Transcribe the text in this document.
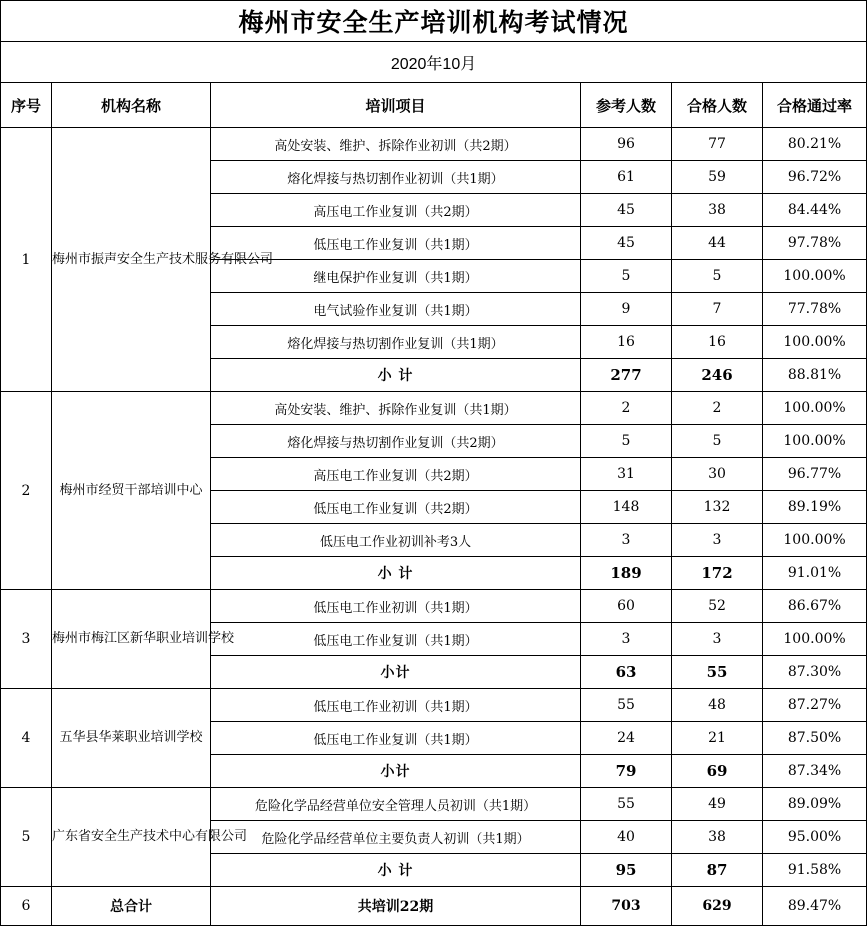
梅州市安全生产培训机构考试情况					
2020年10月					
序号	机构名称	培训项目	参考人数	合格人数	合格通过率
1	梅州市振声安全生产技术服务有限公司	高处安装、维护、拆除作业初训（共2期）	96	77	80.21%
		熔化焊接与热切割作业初训（共1期）	61	59	96.72%
		高压电工作业复训（共2期）	45	38	84.44%
		低压电工作业复训（共1期）	45	44	97.78%
		继电保护作业复训（共1期）	5	5	100.00%
		电气试验作业复训（共1期）	9	7	77.78%
		熔化焊接与热切割作业复训（共1期）	16	16	100.00%
		小 计	277	246	88.81%
2	梅州市经贸干部培训中心	高处安装、维护、拆除作业复训（共1期）	2	2	100.00%
		熔化焊接与热切割作业复训（共2期）	5	5	100.00%
		高压电工作业复训（共2期）	31	30	96.77%
		低压电工作业复训（共2期）	148	132	89.19%
		低压电工作业初训补考3人	3	3	100.00%
		小 计	189	172	91.01%
3	梅州市梅江区新华职业培训学校	低压电工作业初训（共1期）	60	52	86.67%
		低压电工作业复训（共1期）	3	3	100.00%
		小计	63	55	87.30%
4	五华县华莱职业培训学校	低压电工作业初训（共1期）	55	48	87.27%
		低压电工作业复训（共1期）	24	21	87.50%
		小计	79	69	87.34%
5	广东省安全生产技术中心有限公司	危险化学品经营单位安全管理人员初训（共1期）	55	49	89.09%
		危险化学品经营单位主要负责人初训（共1期）	40	38	95.00%
		小 计	95	87	91.58%
6	总合计	共培训22期	703	629	89.47%
